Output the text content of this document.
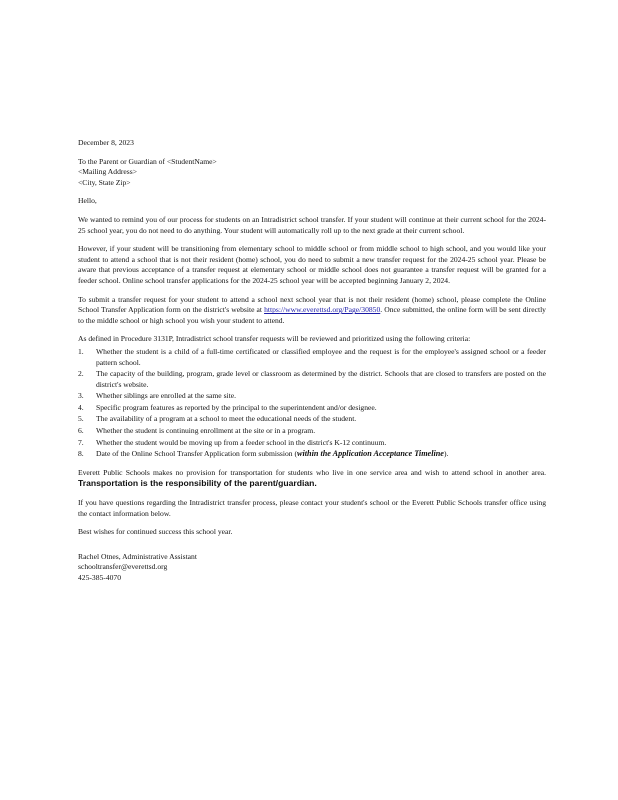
December 8, 2023

To the Parent or Guardian of <StudentName>
<Mailing Address>
<City, State Zip>

Hello,

We wanted to remind you of our process for students on an Intradistrict school transfer. If your student will continue at their current school for the 2024-25 school year, you do not need to do anything. Your student will automatically roll up to the next grade at their current school.

However, if your student will be transitioning from elementary school to middle school or from middle school to high school, and you would like your student to attend a school that is not their resident (home) school, you do need to submit a new transfer request for the 2024-25 school year. Please be aware that previous acceptance of a transfer request at elementary school or middle school does not guarantee a transfer request will be granted for a feeder school. Online school transfer applications for the 2024-25 school year will be accepted beginning January 2, 2024.

To submit a transfer request for your student to attend a school next school year that is not their resident (home) school, please complete the Online School Transfer Application form on the district's website at https://www.everettsd.org/Page/30850. Once submitted, the online form will be sent directly to the middle school or high school you wish your student to attend.

As defined in Procedure 3131P, Intradistrict school transfer requests will be reviewed and prioritized using the following criteria:

1.	Whether the student is a child of a full-time certificated or classified employee and the request is for the employee's assigned school or a feeder pattern school.
2.	The capacity of the building, program, grade level or classroom as determined by the district. Schools that are closed to transfers are posted on the district's website.
3.	Whether siblings are enrolled at the same site.
4.	Specific program features as reported by the principal to the superintendent and/or designee.
5.	The availability of a program at a school to meet the educational needs of the student.
6.	Whether the student is continuing enrollment at the site or in a program.
7.	Whether the student would be moving up from a feeder school in the district's K-12 continuum.
8.	Date of the Online School Transfer Application form submission (within the Application Acceptance Timeline).

Everett Public Schools makes no provision for transportation for students who live in one service area and wish to attend school in another area. Transportation is the responsibility of the parent/guardian.

If you have questions regarding the Intradistrict transfer process, please contact your student's school or the Everett Public Schools transfer office using the contact information below.

Best wishes for continued success this school year.

Rachel Otnes, Administrative Assistant
schooltransfer@everettsd.org
425-385-4070
